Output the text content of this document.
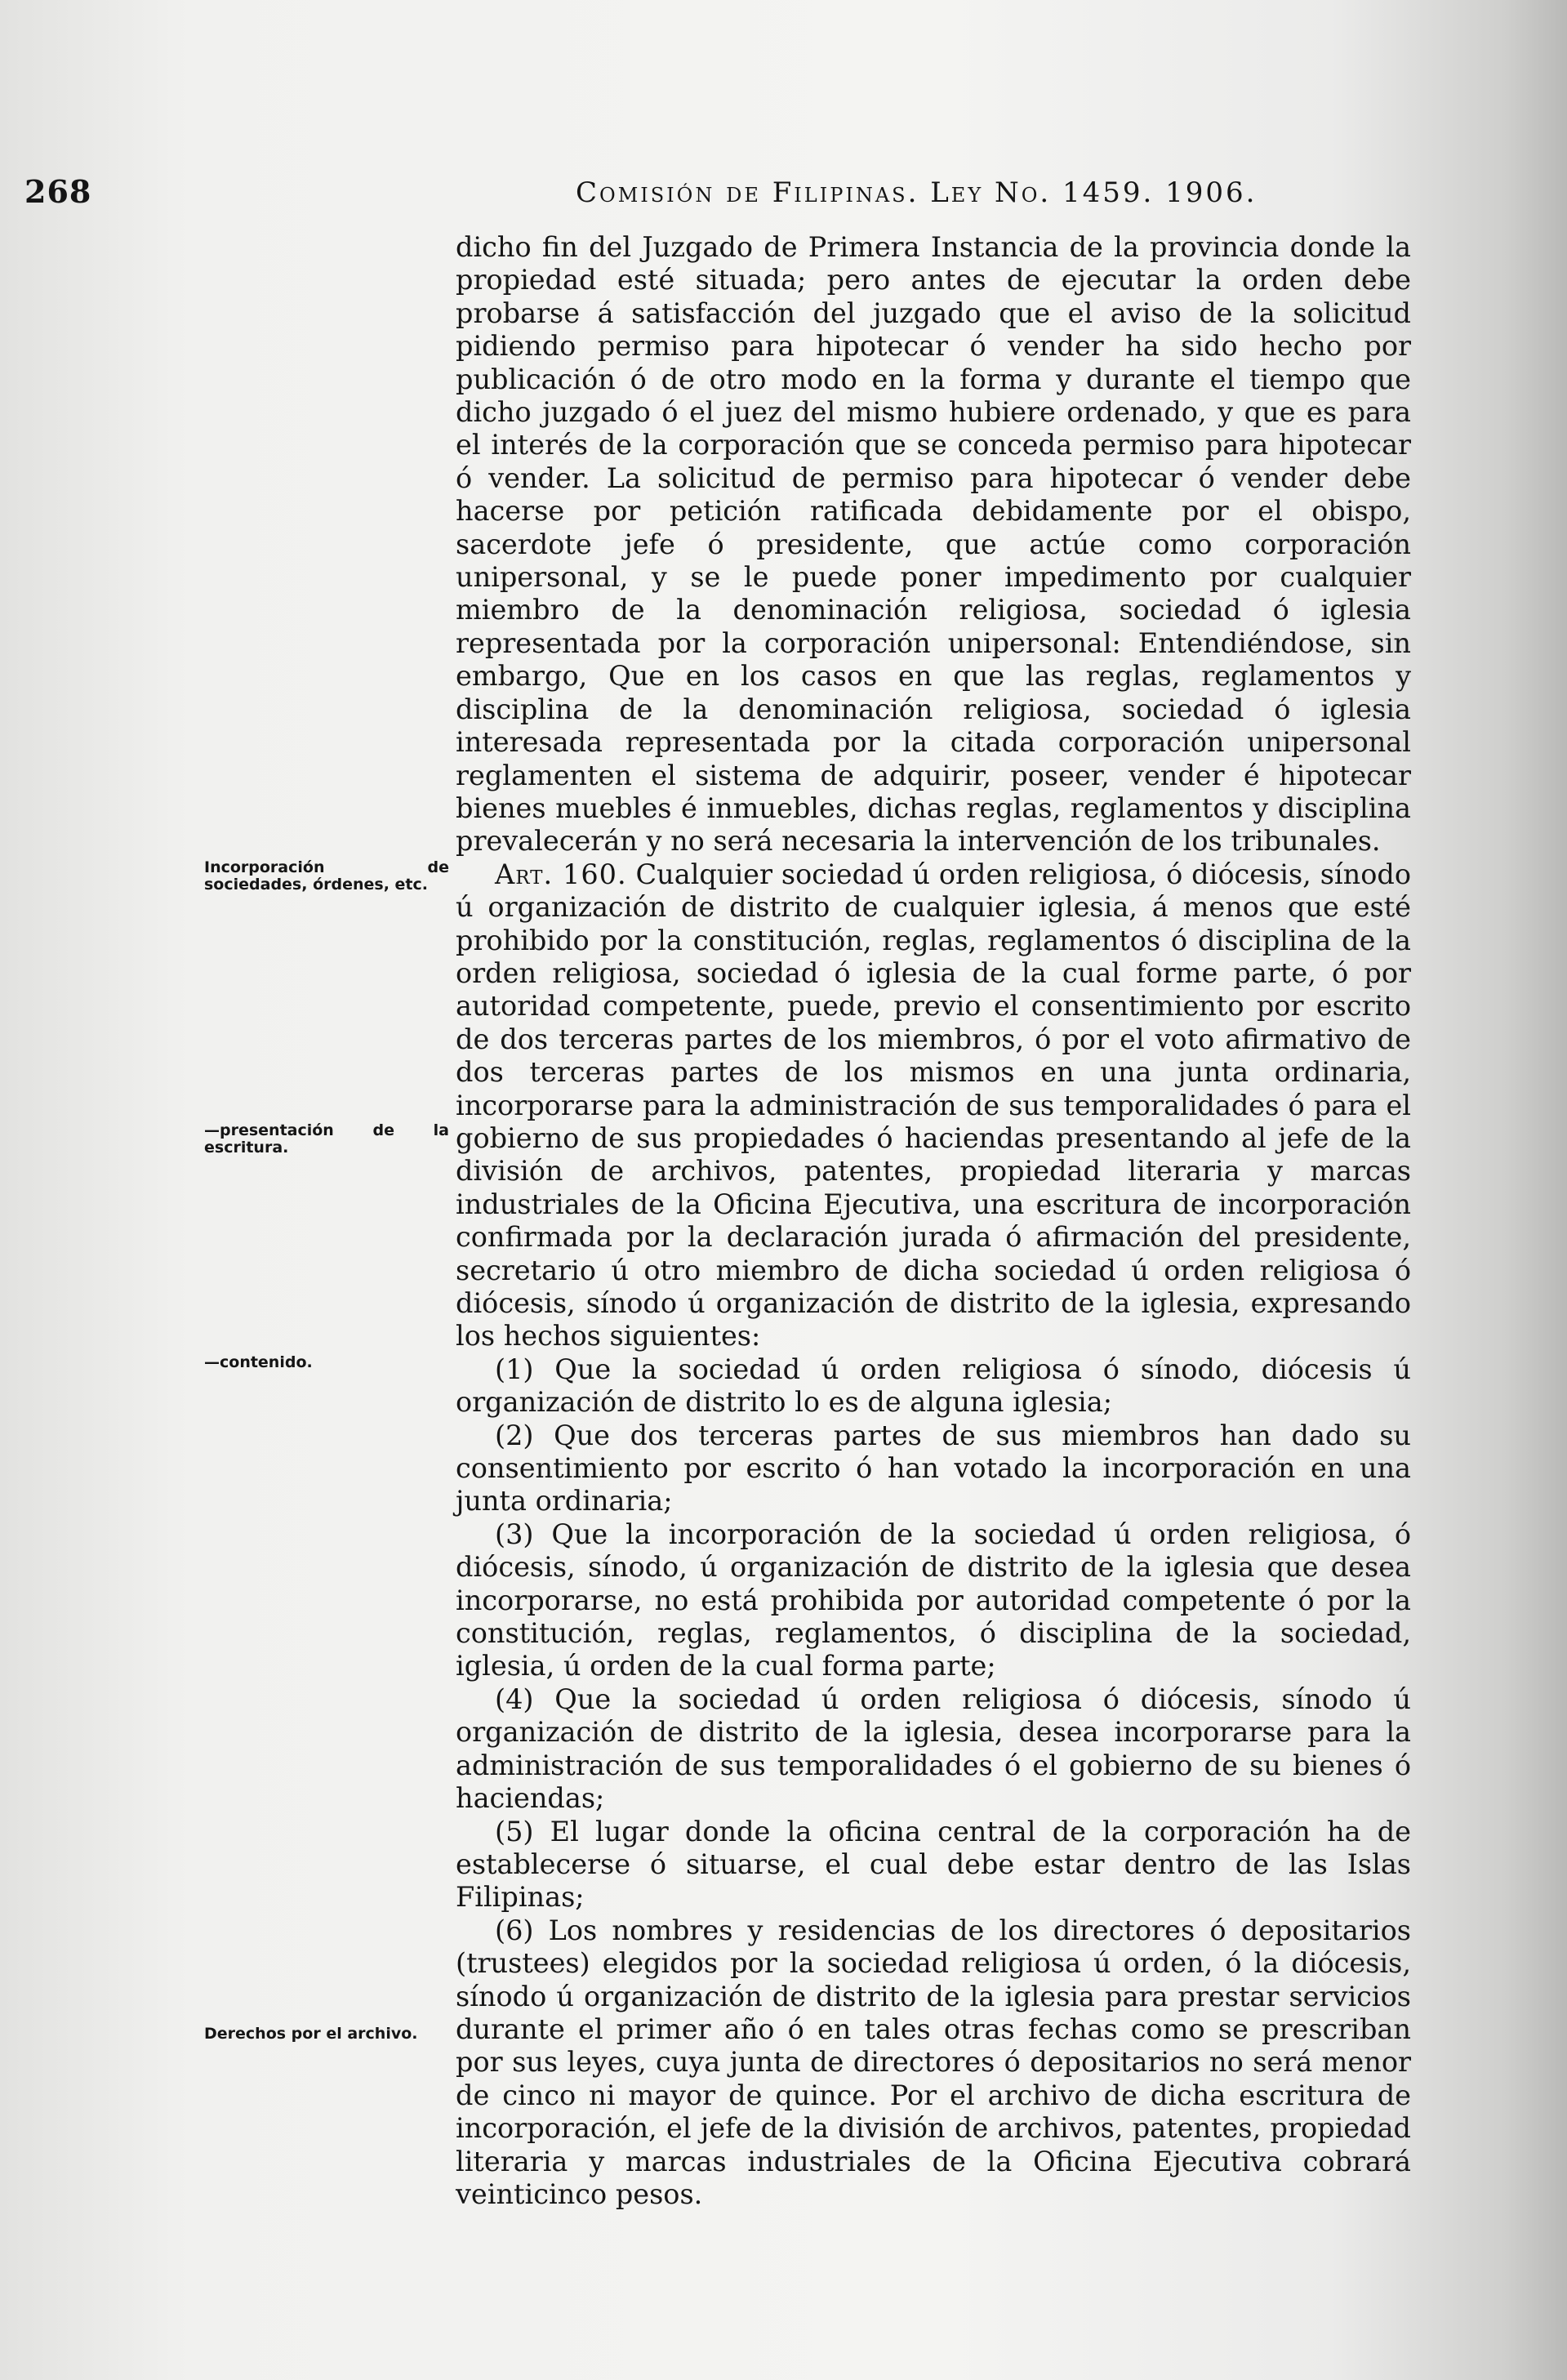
268	Comisión de Filipinas. Ley No. 1459. 1906.
Incorporación de sociedades, órdenes, etc.
—presentación de la escritura.
—contenido.
Derechos por el archivo.

dicho fin del Juzgado de Primera Instancia de la provincia donde la propiedad esté situada; pero antes de ejecutar la orden debe probarse á satisfacción del juzgado que el aviso de la solicitud pidiendo permiso para hipotecar ó vender ha sido hecho por publicación ó de otro modo en la forma y durante el tiempo que dicho juzgado ó el juez del mismo hubiere ordenado, y que es para el interés de la corporación que se conceda permiso para hipotecar ó vender. La solicitud de permiso para hipotecar ó vender debe hacerse por petición ratificada debidamente por el obispo, sacerdote jefe ó presidente, que actúe como corporación unipersonal, y se le puede poner impedimento por cualquier miembro de la denominación religiosa, sociedad ó iglesia representada por la corporación unipersonal: Entendiéndose, sin embargo, Que en los casos en que las reglas, reglamentos y disciplina de la denominación religiosa, sociedad ó iglesia interesada representada por la citada corporación unipersonal reglamenten el sistema de adquirir, poseer, vender é hipotecar bienes muebles é inmuebles, dichas reglas, reglamentos y disciplina prevalecerán y no será necesaria la intervención de los tribunales.

Art. 160. Cualquier sociedad ú orden religiosa, ó diócesis, sínodo ú organización de distrito de cualquier iglesia, á menos que esté prohibido por la constitución, reglas, reglamentos ó disciplina de la orden religiosa, sociedad ó iglesia de la cual forme parte, ó por autoridad competente, puede, previo el consentimiento por escrito de dos terceras partes de los miembros, ó por el voto afirmativo de dos terceras partes de los mismos en una junta ordinaria, incorporarse para la administración de sus temporalidades ó para el gobierno de sus propiedades ó haciendas presentando al jefe de la división de archivos, patentes, propiedad literaria y marcas industriales de la Oficina Ejecutiva, una escritura de incorporación confirmada por la declaración jurada ó afirmación del presidente, secretario ú otro miembro de dicha sociedad ú orden religiosa ó diócesis, sínodo ú organización de distrito de la iglesia, expresando los hechos siguientes:

(1) Que la sociedad ú orden religiosa ó sínodo, diócesis ú organización de distrito lo es de alguna iglesia;

(2) Que dos terceras partes de sus miembros han dado su consentimiento por escrito ó han votado la incorporación en una junta ordinaria;

(3) Que la incorporación de la sociedad ú orden religiosa, ó diócesis, sínodo, ú organización de distrito de la iglesia que desea incorporarse, no está prohibida por autoridad competente ó por la constitución, reglas, reglamentos, ó disciplina de la sociedad, iglesia, ú orden de la cual forma parte;

(4) Que la sociedad ú orden religiosa ó diócesis, sínodo ú organización de distrito de la iglesia, desea incorporarse para la administración de sus temporalidades ó el gobierno de su bienes ó haciendas;

(5) El lugar donde la oficina central de la corporación ha de establecerse ó situarse, el cual debe estar dentro de las Islas Filipinas;

(6) Los nombres y residencias de los directores ó depositarios (trustees) elegidos por la sociedad religiosa ú orden, ó la diócesis, sínodo ú organización de distrito de la iglesia para prestar servicios durante el primer año ó en tales otras fechas como se prescriban por sus leyes, cuya junta de directores ó depositarios no será menor de cinco ni mayor de quince. Por el archivo de dicha escritura de incorporación, el jefe de la división de archivos, patentes, propiedad literaria y marcas industriales de la Oficina Ejecutiva cobrará veinticinco pesos.
